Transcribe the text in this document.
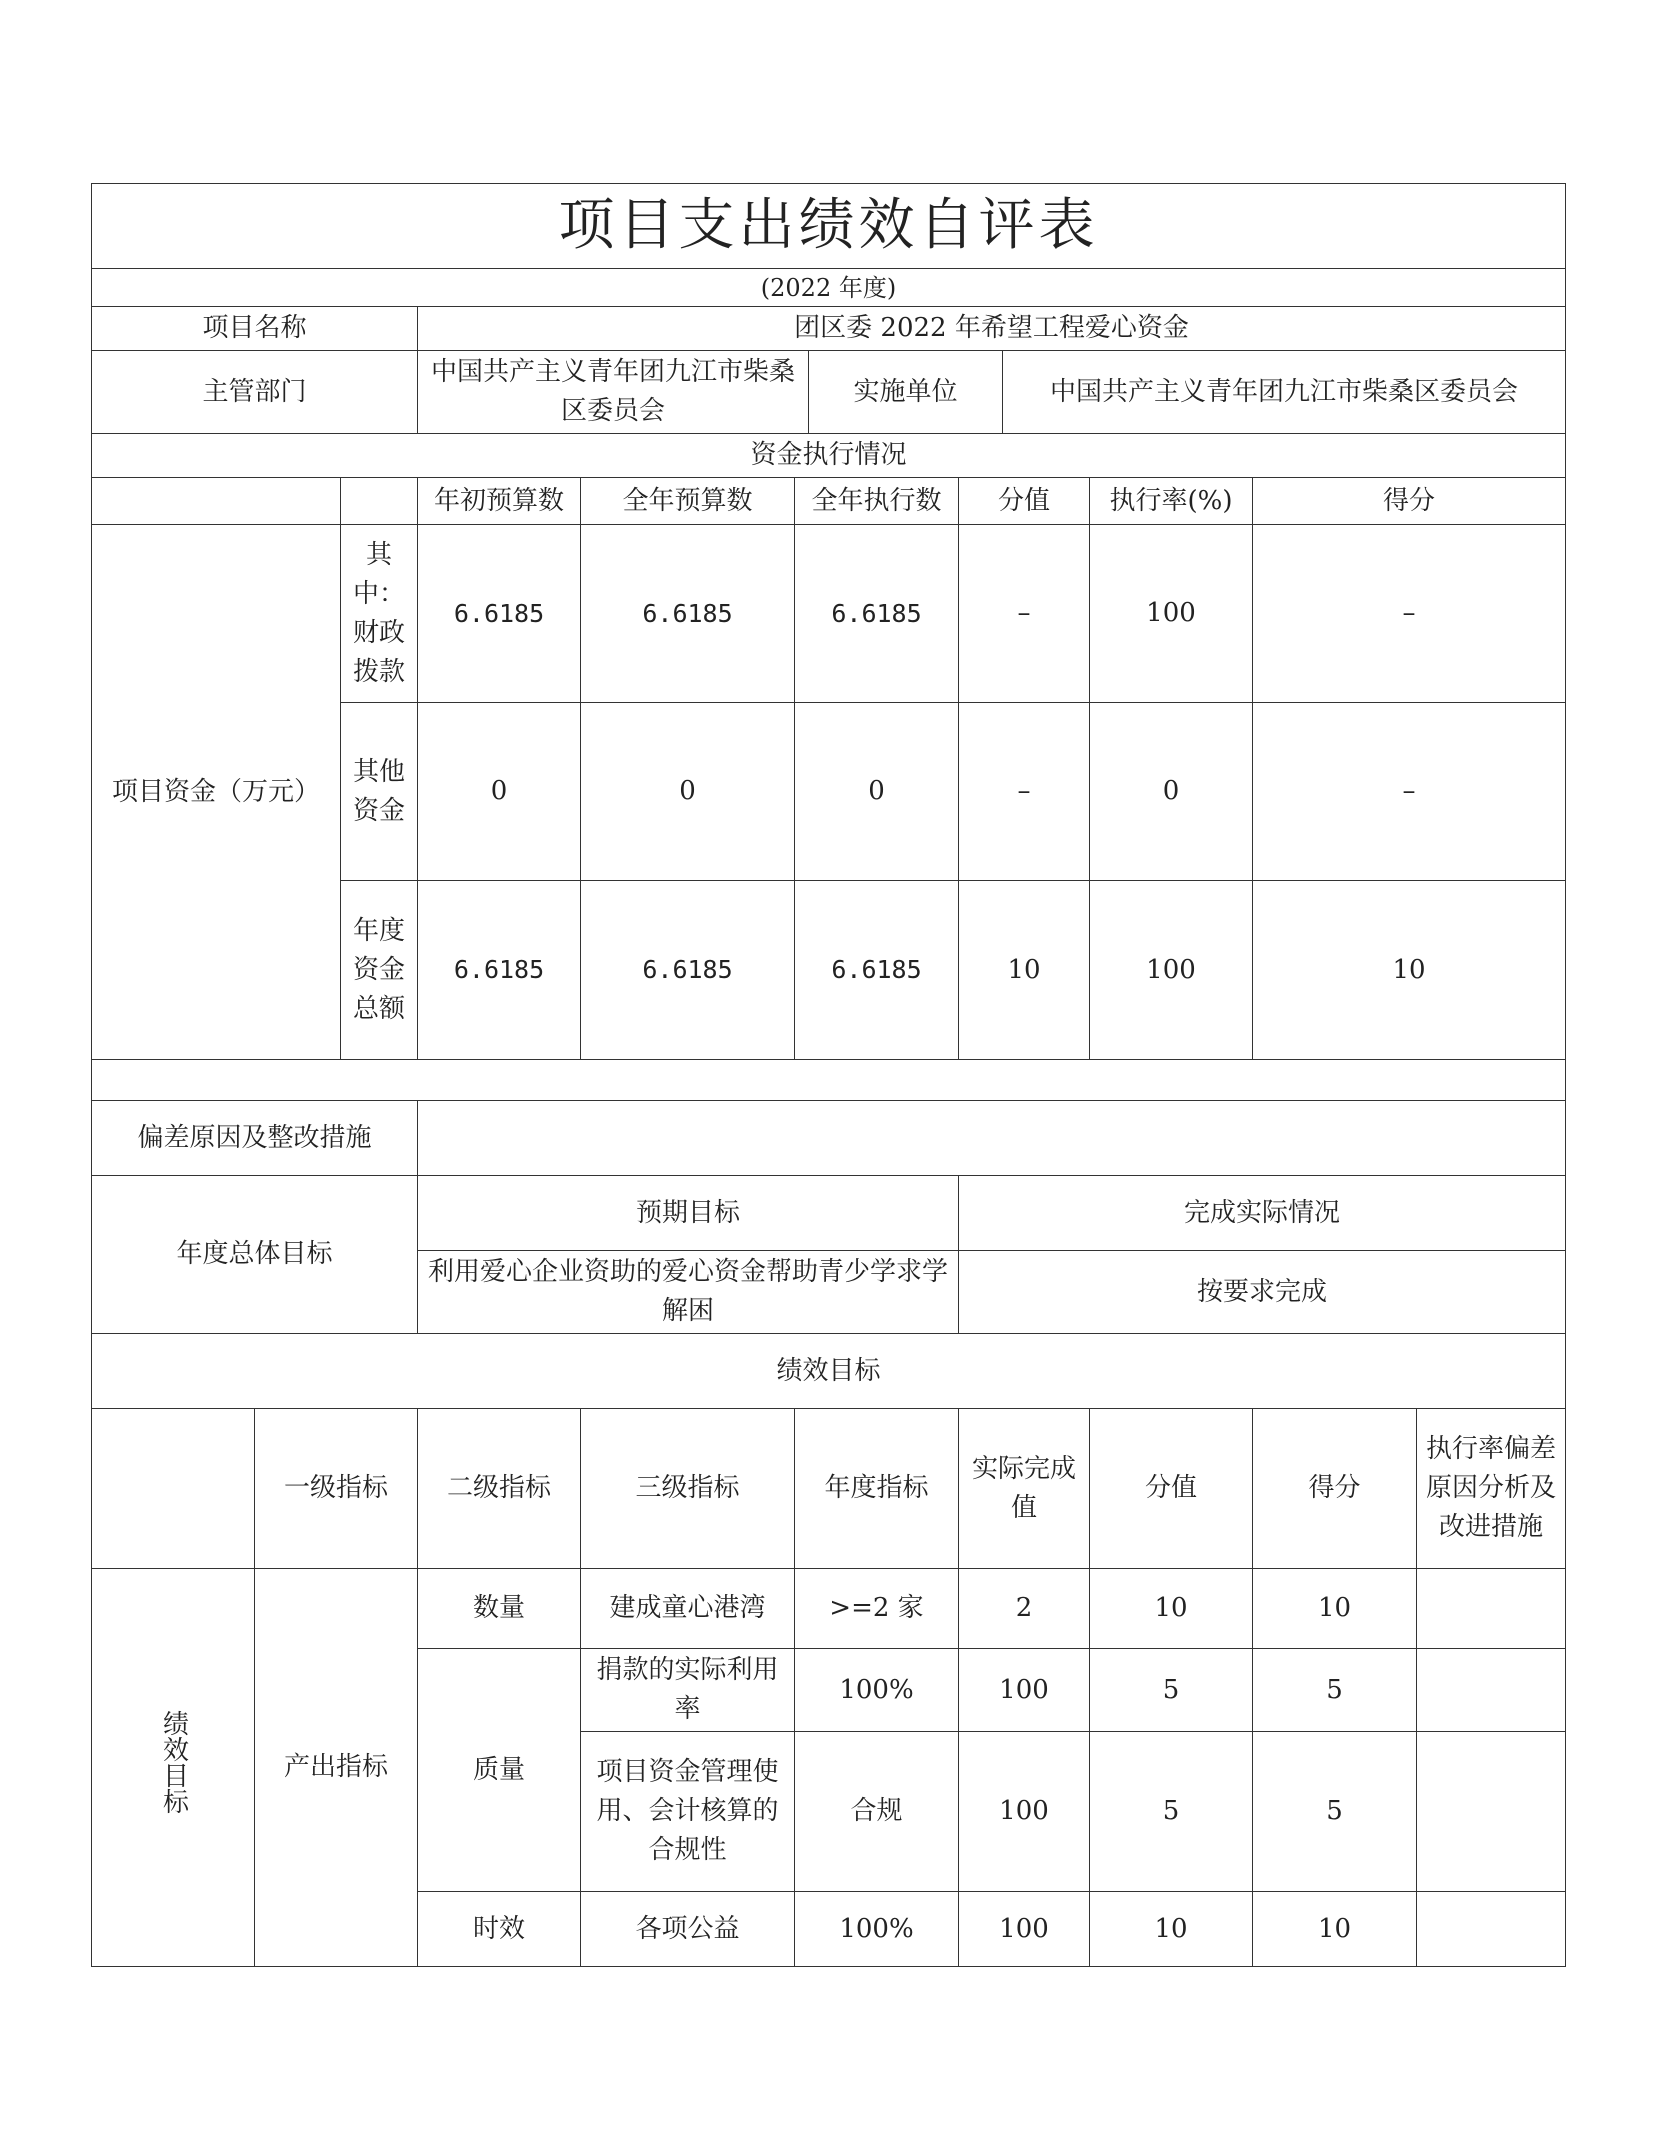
项目支出绩效自评表											
(2022 年度)											
项目名称			团区委 2022 年希望工程爱心资金								
主管部门			中国共产主义青年团九江市柴桑区委员会			实施单位		中国共产主义青年团九江市柴桑区委员会			
资金执行情况											
			年初预算数	全年预算数	全年执行数		分值		执行率(%)	得分	
项目资金（万元）		其中：财政拨款	6.6185	6.6185	6.6185		–		100	–	
		其他资金	0	0	0		–		0	–	
		年度资金总额	6.6185	6.6185	6.6185		10		100	10	

偏差原因及整改措施											
年度总体目标			预期目标				完成实际情况				
			利用爱心企业资助的爱心资金帮助青少学求学解困				按要求完成				
绩效目标											
	一级指标		二级指标	三级指标	年度指标		实际完成值		分值	得分	执行率偏差原因分析及改进措施
绩效目标	产出指标		数量	建成童心港湾	>=2 家		2		10	10	
			质量	捐款的实际利用率	100%		100		5	5	
				项目资金管理使用、会计核算的合规性	合规		100		5	5	
			时效	各项公益	100%		100		10	10	
